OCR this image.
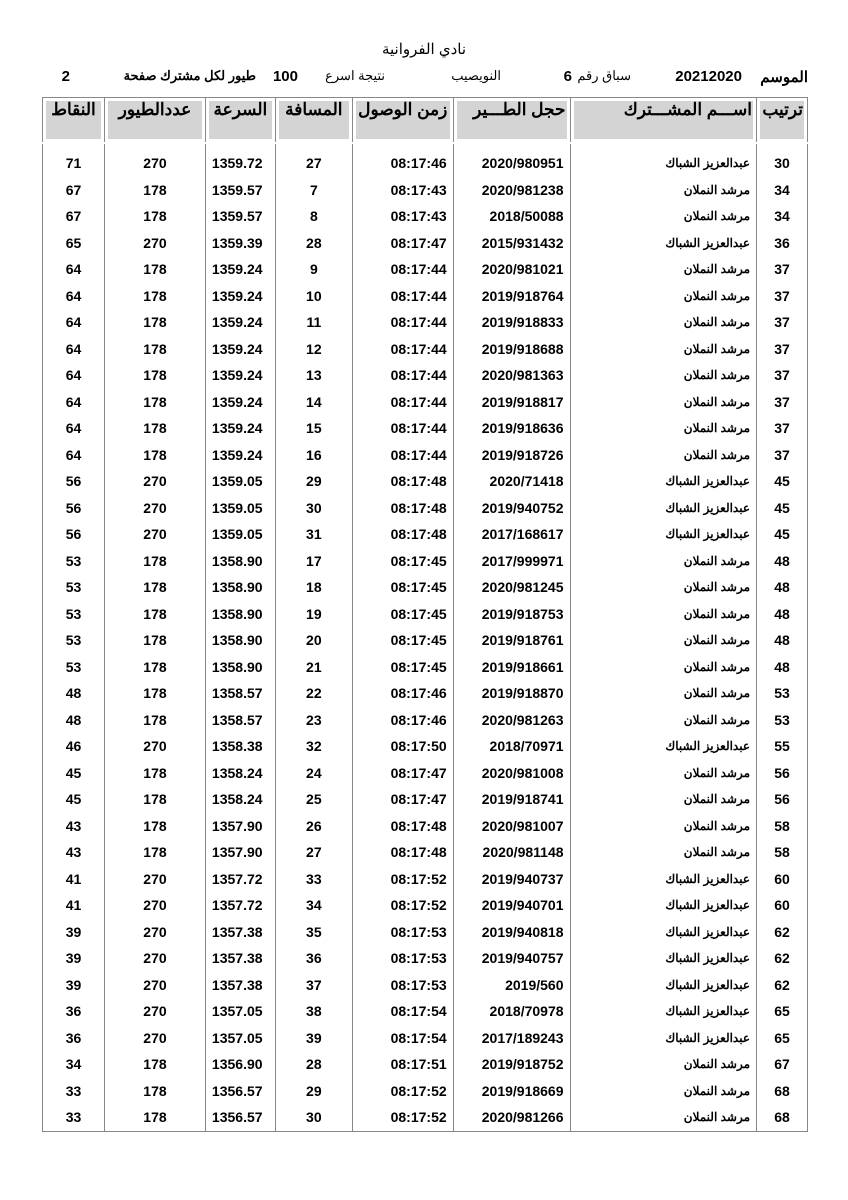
نادي الفروانية
الموسم
20212020
سباق رقم
6
النويصيب
نتيجة اسرع
100
طيور لكل مشترك صفحة
2
ترتيب	اســـم المشـــترك	حجل الطـــير	زمن الوصول	المسافة	السرعة	عددالطيور	النقاط
30	عبدالعزيز الشباك	2020/980951	08:17:46	27	1359.72	270	71
34	مرشد النملان	2020/981238	08:17:43	7	1359.57	178	67
34	مرشد النملان	2018/50088	08:17:43	8	1359.57	178	67
36	عبدالعزيز الشباك	2015/931432	08:17:47	28	1359.39	270	65
37	مرشد النملان	2020/981021	08:17:44	9	1359.24	178	64
37	مرشد النملان	2019/918764	08:17:44	10	1359.24	178	64
37	مرشد النملان	2019/918833	08:17:44	11	1359.24	178	64
37	مرشد النملان	2019/918688	08:17:44	12	1359.24	178	64
37	مرشد النملان	2020/981363	08:17:44	13	1359.24	178	64
37	مرشد النملان	2019/918817	08:17:44	14	1359.24	178	64
37	مرشد النملان	2019/918636	08:17:44	15	1359.24	178	64
37	مرشد النملان	2019/918726	08:17:44	16	1359.24	178	64
45	عبدالعزيز الشباك	2020/71418	08:17:48	29	1359.05	270	56
45	عبدالعزيز الشباك	2019/940752	08:17:48	30	1359.05	270	56
45	عبدالعزيز الشباك	2017/168617	08:17:48	31	1359.05	270	56
48	مرشد النملان	2017/999971	08:17:45	17	1358.90	178	53
48	مرشد النملان	2020/981245	08:17:45	18	1358.90	178	53
48	مرشد النملان	2019/918753	08:17:45	19	1358.90	178	53
48	مرشد النملان	2019/918761	08:17:45	20	1358.90	178	53
48	مرشد النملان	2019/918661	08:17:45	21	1358.90	178	53
53	مرشد النملان	2019/918870	08:17:46	22	1358.57	178	48
53	مرشد النملان	2020/981263	08:17:46	23	1358.57	178	48
55	عبدالعزيز الشباك	2018/70971	08:17:50	32	1358.38	270	46
56	مرشد النملان	2020/981008	08:17:47	24	1358.24	178	45
56	مرشد النملان	2019/918741	08:17:47	25	1358.24	178	45
58	مرشد النملان	2020/981007	08:17:48	26	1357.90	178	43
58	مرشد النملان	2020/981148	08:17:48	27	1357.90	178	43
60	عبدالعزيز الشباك	2019/940737	08:17:52	33	1357.72	270	41
60	عبدالعزيز الشباك	2019/940701	08:17:52	34	1357.72	270	41
62	عبدالعزيز الشباك	2019/940818	08:17:53	35	1357.38	270	39
62	عبدالعزيز الشباك	2019/940757	08:17:53	36	1357.38	270	39
62	عبدالعزيز الشباك	2019/560	08:17:53	37	1357.38	270	39
65	عبدالعزيز الشباك	2018/70978	08:17:54	38	1357.05	270	36
65	عبدالعزيز الشباك	2017/189243	08:17:54	39	1357.05	270	36
67	مرشد النملان	2019/918752	08:17:51	28	1356.90	178	34
68	مرشد النملان	2019/918669	08:17:52	29	1356.57	178	33
68	مرشد النملان	2020/981266	08:17:52	30	1356.57	178	33
